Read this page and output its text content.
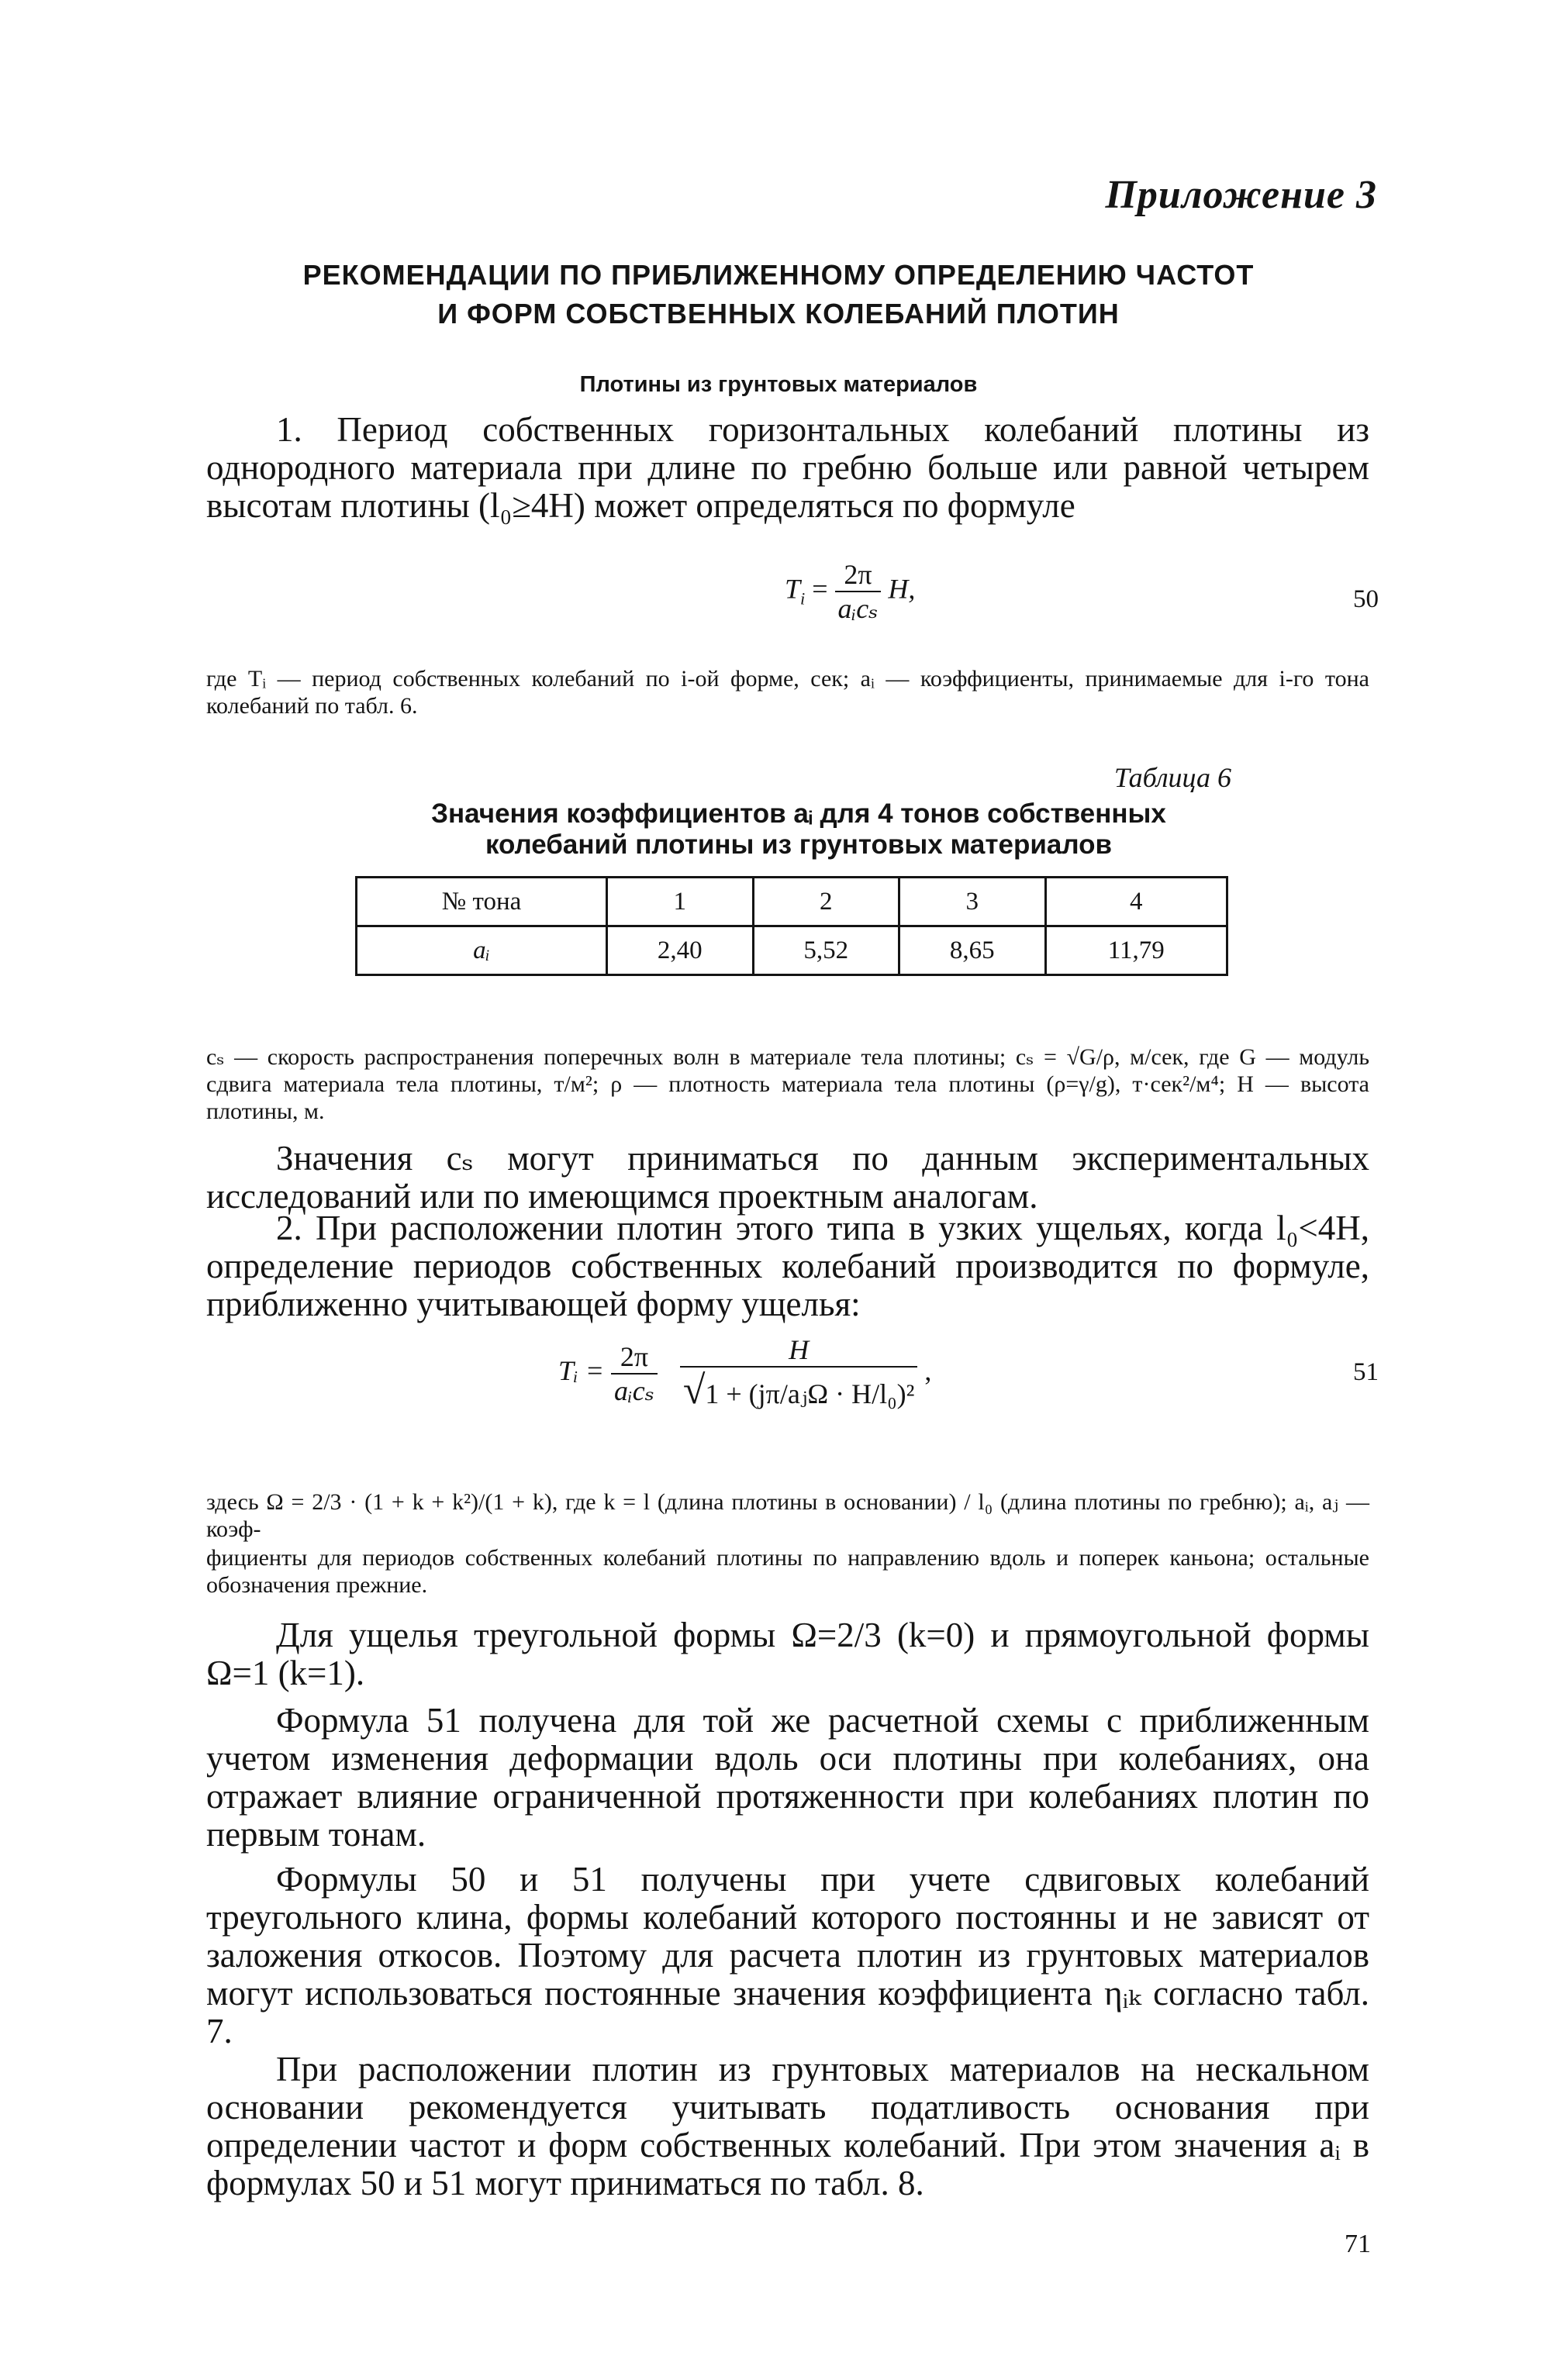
Приложение 3
РЕКОМЕНДАЦИИ ПО ПРИБЛИЖЕННОМУ ОПРЕДЕЛЕНИЮ ЧАСТОТ
И ФОРМ СОБСТВЕННЫХ КОЛЕБАНИЙ ПЛОТИН
Плотины из грунтовых материалов

1. Период собственных горизонтальных колебаний плотины из однородного материала при длине по гребню больше или равной четырем высотам плотины (l₀≥4H) может определяться по формуле

$T_i = \frac{2\pi}{\text{aᵢcₛ}} H$,	50

где Tᵢ — период собственных колебаний по i-ой форме, сек; aᵢ — коэффициенты, принимаемые для i-го тона колебаний по табл. 6.

Таблица 6
Значения коэффициентов aᵢ для 4 тонов собственных
колебаний плотины из грунтовых материалов
№ тона	1	2	3	4
aᵢ	2,40	5,52	8,65	11,79

cₛ — скорость распространения поперечных волн в материале тела плотины; cₛ = √G/ρ, м/сек, где G — модуль сдвига материала тела плотины, т/м²; ρ — плотность материала тела плотины (ρ=γ/g), т·сек²/м⁴; H — высота плотины, м.

Значения cₛ могут приниматься по данным экспериментальных исследований или по имеющимся проектным аналогам.

2. При расположении плотин этого типа в узких ущельях, когда l₀<4H, определение периодов собственных колебаний производится по формуле, приближенно учитывающей форму ущелья:

Tᵢ = $\frac{2\pi}{\text{aᵢcₛ}}$
$\frac{H}{\text{√1 + (jπ/aⱼΩ · H/l₀)²}}$ ,	51

здесь Ω = 2/3 · (1 + k + k²)/(1 + k), где k = l (длина плотины в основании) / l₀ (длина плотины по гребню); aᵢ, aⱼ — коэф-

фициенты для периодов собственных колебаний плотины по направлению вдоль и поперек каньона; остальные обозначения прежние.

Для ущелья треугольной формы Ω=2/3 (k=0) и прямоугольной формы Ω=1 (k=1).

Формула 51 получена для той же расчетной схемы с приближенным учетом изменения деформации вдоль оси плотины при колебаниях, она отражает влияние ограниченной протяженности при колебаниях плотин по первым тонам.

Формулы 50 и 51 получены при учете сдвиговых колебаний треугольного клина, формы колебаний которого постоянны и не зависят от заложения откосов. Поэтому для расчета плотин из грунтовых материалов могут использоваться постоянные значения коэффициента ηᵢₖ согласно табл. 7.

При расположении плотин из грунтовых материалов на нескальном основании рекомендуется учитывать податливость основания при определении частот и форм собственных колебаний. При этом значения aᵢ в формулах 50 и 51 могут приниматься по табл. 8.

71
